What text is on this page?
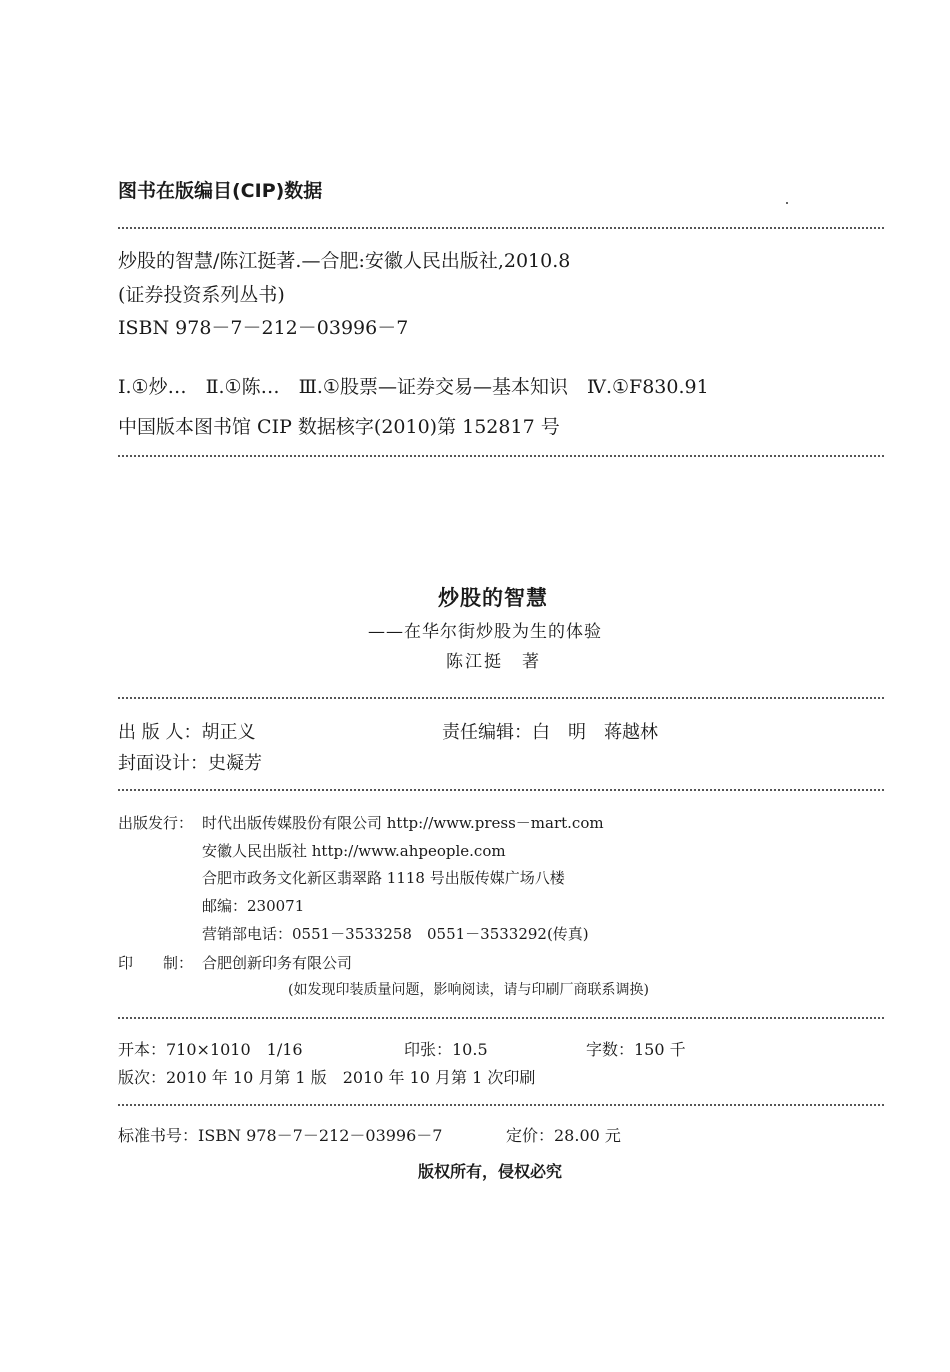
图书在版编目(CIP)数据
炒股的智慧/陈江挺著.—合肥:安徽人民出版社,2010.8
(证券投资系列丛书)
ISBN 978－7－212－03996－7
Ⅰ.①炒…　Ⅱ.①陈…　Ⅲ.①股票—证券交易—基本知识　Ⅳ.①F830.91
中国版本图书馆 CIP 数据核字(2010)第 152817 号
炒股的智慧
——在华尔街炒股为生的体验
陈江挺　著
出 版 人：胡正义	责任编辑：白　明　蒋越林
封面设计：史凝芳
出版发行： 时代出版传媒股份有限公司 http://www.press－mart.com
安徽人民出版社 http://www.ahpeople.com
合肥市政务文化新区翡翠路 1118 号出版传媒广场八楼
邮编：230071
营销部电话：0551－3533258　0551－3533292(传真)
印　　制： 合肥创新印务有限公司
(如发现印装质量问题，影响阅读，请与印刷厂商联系调换)
开本：710×1010　1/16	印张：10.5	字数：150 千
版次：2010 年 10 月第 1 版　2010 年 10 月第 1 次印刷
标准书号：ISBN 978－7－212－03996－7	定价：28.00 元
版权所有，侵权必究
